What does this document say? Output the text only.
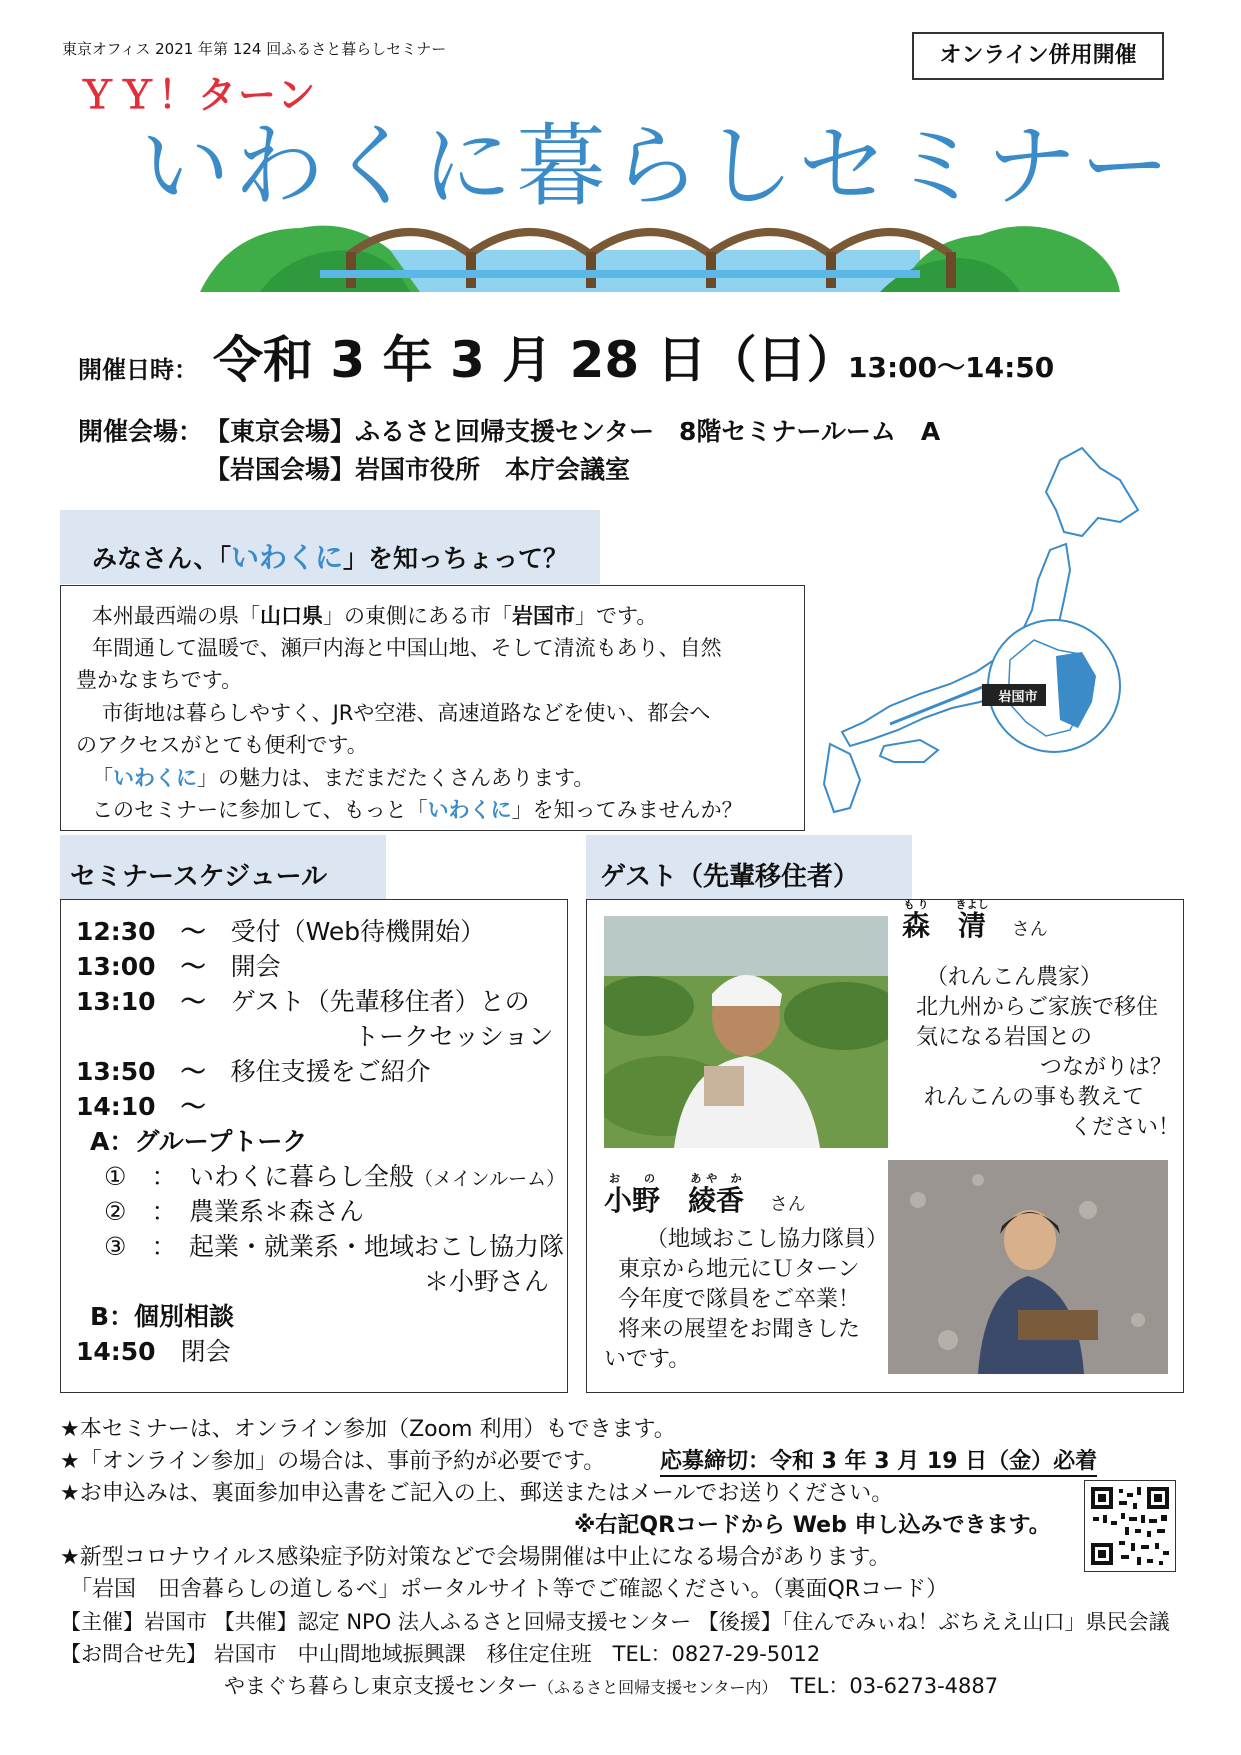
東京オフィス 2021 年第 124 回ふるさと暮らしセミナー	オンライン併用開催
ＹＹ！ターン
いわくに暮らしセミナー
開催日時： 令和 3 年 3 月 28 日（日）
13:00～14:50
開催会場： 【東京会場】ふるさと回帰支援センター　8階セミナールーム　A
【岩国会場】岩国市役所　本庁会議室
みなさん、「いわくに」を知っちょって？
本州最西端の県「山口県」の東側にある市「岩国市」です。
年間通して温暖で、瀬戸内海と中国山地、そして清流もあり、自然
豊かなまちです。
市街地は暮らしやすく、JRや空港、高速道路などを使い、都会へ
のアクセスがとても便利です。
「いわくに」の魅力は、まだまだたくさんあります。
このセミナーに参加して、もっと「いわくに」を知ってみませんか？
岩国市
セミナースケジュール
12:30　～　 受付（Web待機開始）
13:00　～　 開会
13:10　～　 ゲスト（先輩移住者）との
トークセッション
13:50　～　 移住支援をご紹介
14:10　～
A：グループトーク
①　 ：　いわくに暮らし全般（メインルーム）
②　 ：　農業系＊森さん
③　 ：　起業・就業系・地域おこし協力隊
＊小野さん
B：個別相談
14:50　 閉会
ゲスト（先輩移住者）
森もり　清きよし さん
（れんこん農家）
北九州からご家族で移住
気になる岩国との
つながりは？
れんこんの事も教えて
ください！
小野お の　綾香あや か さん
（地域おこし協力隊員）
東京から地元にＵターン
今年度で隊員をご卒業！
将来の展望をお聞きした
いです。
★本セミナーは、オンライン参加（Zoom 利用）もできます。
★「オンライン参加」の場合は、事前予約が必要です。 応募締切：令和 3 年 3 月 19 日（金）必着
★お申込みは、裏面参加申込書をご記入の上、郵送またはメールでお送りください。
※右記QRコードから Web 申し込みできます。
★新型コロナウイルス感染症予防対策などで会場開催は中止になる場合があります。
「岩国　田舎暮らしの道しるべ」ポータルサイト等でご確認ください。（裏面QRコード）
【主催】岩国市 【共催】認定 NPO 法人ふるさと回帰支援センター 【後援】「住んでみぃね！ぶちええ山口」県民会議
【お問合せ先】 岩国市　中山間地域振興課　移住定住班　TEL：0827-29-5012
やまぐち暮らし東京支援センター（ふるさと回帰支援センター内）　 TEL：03-6273-4887
